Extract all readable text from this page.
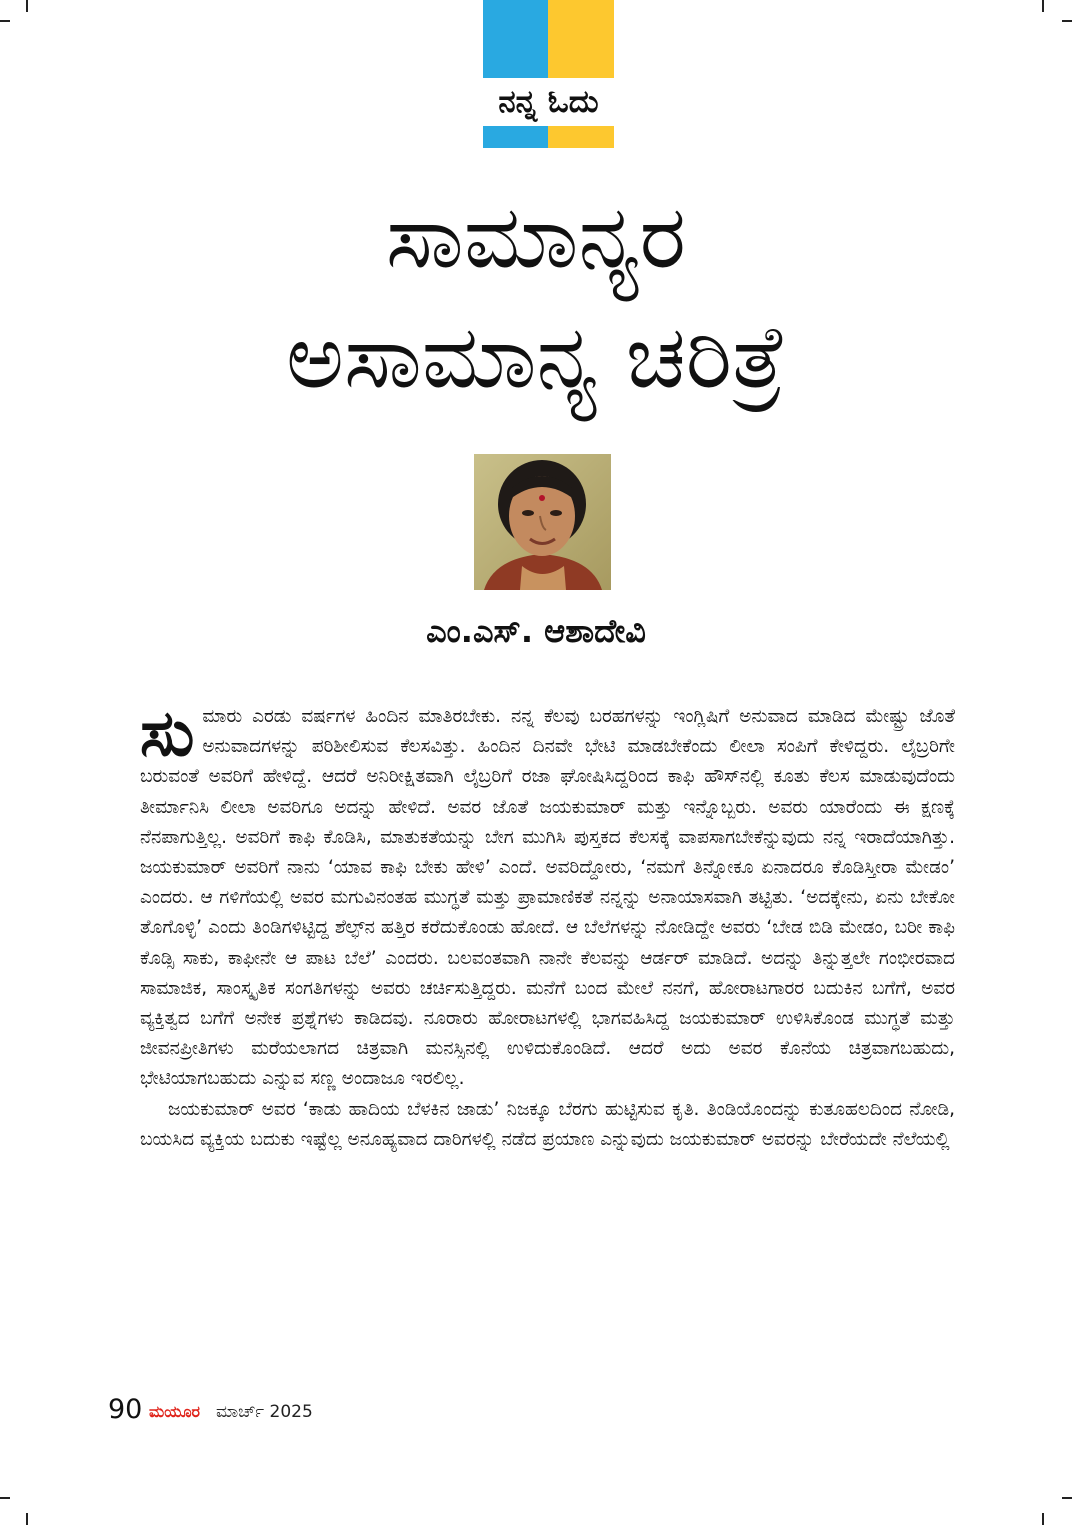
ನನ್ನ ಓದು
ಸಾಮಾನ್ಯರ
ಅಸಾಮಾನ್ಯ ಚರಿತ್ರೆ
ಎಂ.ಎಸ್. ಆಶಾದೇವಿ

ಸುಮಾರು ಎರಡು ವರ್ಷಗಳ ಹಿಂದಿನ ಮಾತಿರಬೇಕು. ನನ್ನ ಕೆಲವು ಬರಹಗಳನ್ನು ಇಂಗ್ಲಿಷಿಗೆ ಅನುವಾದ ಮಾಡಿದ ಮೇಷ್ಟ್ರು ಜೊತೆ ಅನುವಾದಗಳನ್ನು ಪರಿಶೀಲಿಸುವ ಕೆಲಸವಿತ್ತು. ಹಿಂದಿನ ದಿನವೇ ಭೇಟಿ ಮಾಡಬೇಕೆಂದು ಲೀಲಾ ಸಂಪಿಗೆ ಕೇಳಿದ್ದರು. ಲೈಬ್ರರಿಗೇ ಬರುವಂತೆ ಅವರಿಗೆ ಹೇಳಿದ್ದೆ. ಆದರೆ ಅನಿರೀಕ್ಷಿತವಾಗಿ ಲೈಬ್ರರಿಗೆ ರಜಾ ಘೋಷಿಸಿದ್ದರಿಂದ ಕಾಫಿ ಹೌಸ್‌ನಲ್ಲಿ ಕೂತು ಕೆಲಸ ಮಾಡುವುದೆಂದು ತೀರ್ಮಾನಿಸಿ ಲೀಲಾ ಅವರಿಗೂ ಅದನ್ನು ಹೇಳಿದೆ. ಅವರ ಜೊತೆ ಜಯಕುಮಾರ್ ಮತ್ತು ಇನ್ನೊಬ್ಬರು. ಅವರು ಯಾರೆಂದು ಈ ಕ್ಷಣಕ್ಕೆ ನೆನಪಾಗುತ್ತಿಲ್ಲ. ಅವರಿಗೆ ಕಾಫಿ ಕೊಡಿಸಿ, ಮಾತುಕತೆಯನ್ನು ಬೇಗ ಮುಗಿಸಿ ಪುಸ್ತಕದ ಕೆಲಸಕ್ಕೆ ವಾಪಸಾಗಬೇಕೆನ್ನುವುದು ನನ್ನ ಇರಾದೆಯಾಗಿತ್ತು. ಜಯಕುಮಾರ್ ಅವರಿಗೆ ನಾನು ‘ಯಾವ ಕಾಫಿ ಬೇಕು ಹೇಳಿ’ ಎಂದೆ. ಅವರಿದ್ದೋರು, ‘ನಮಗೆ ತಿನ್ನೋಕೂ ಏನಾದರೂ ಕೊಡಿಸ್ತೀರಾ ಮೇಡಂ’ ಎಂದರು. ಆ ಗಳಿಗೆಯಲ್ಲಿ ಅವರ ಮಗುವಿನಂತಹ ಮುಗ್ಧತೆ ಮತ್ತು ಪ್ರಾಮಾಣಿಕತೆ ನನ್ನನ್ನು ಅನಾಯಾಸವಾಗಿ ತಟ್ಟಿತು. ‘ಅದಕ್ಕೇನು, ಏನು ಬೇಕೋ ತೊಗೊಳ್ಳಿ’ ಎಂದು ತಿಂಡಿಗಳಿಟ್ಟಿದ್ದ ಶೆಲ್ಫ್‌ನ ಹತ್ತಿರ ಕರೆದುಕೊಂಡು ಹೋದೆ. ಆ ಬೆಲೆಗಳನ್ನು ನೋಡಿದ್ದೇ ಅವರು ‘ಬೇಡ ಬಿಡಿ ಮೇಡಂ, ಬರೀ ಕಾಫಿ ಕೊಡ್ಸಿ ಸಾಕು, ಕಾಫೀನೇ ಆ ಪಾಟ ಬೆಲೆ’ ಎಂದರು. ಬಲವಂತವಾಗಿ ನಾನೇ ಕೆಲವನ್ನು ಆರ್ಡರ್ ಮಾಡಿದೆ. ಅದನ್ನು ತಿನ್ನುತ್ತಲೇ ಗಂಭೀರವಾದ ಸಾಮಾಜಿಕ, ಸಾಂಸ್ಕೃತಿಕ ಸಂಗತಿಗಳನ್ನು ಅವರು ಚರ್ಚಿಸುತ್ತಿದ್ದರು. ಮನೆಗೆ ಬಂದ ಮೇಲೆ ನನಗೆ, ಹೋರಾಟಗಾರರ ಬದುಕಿನ ಬಗೆಗೆ, ಅವರ ವ್ಯಕ್ತಿತ್ವದ ಬಗೆಗೆ ಅನೇಕ ಪ್ರಶ್ನೆಗಳು ಕಾಡಿದವು. ನೂರಾರು ಹೋರಾಟಗಳಲ್ಲಿ ಭಾಗವಹಿಸಿದ್ದ ಜಯಕುಮಾರ್ ಉಳಿಸಿಕೊಂಡ ಮುಗ್ಧತೆ ಮತ್ತು ಜೀವನಪ್ರೀತಿಗಳು ಮರೆಯಲಾಗದ ಚಿತ್ರವಾಗಿ ಮನಸ್ಸಿನಲ್ಲಿ ಉಳಿದುಕೊಂಡಿದೆ. ಆದರೆ ಅದು ಅವರ ಕೊನೆಯ ಚಿತ್ರವಾಗಬಹುದು, ಭೇಟಿಯಾಗಬಹುದು ಎನ್ನುವ ಸಣ್ಣ ಅಂದಾಜೂ ಇರಲಿಲ್ಲ.

ಜಯಕುಮಾರ್ ಅವರ ‘ಕಾಡು ಹಾದಿಯ ಬೆಳಕಿನ ಜಾಡು’ ನಿಜಕ್ಕೂ ಬೆರಗು ಹುಟ್ಟಿಸುವ ಕೃತಿ. ತಿಂಡಿಯೊಂದನ್ನು ಕುತೂಹಲದಿಂದ ನೋಡಿ, ಬಯಸಿದ ವ್ಯಕ್ತಿಯ ಬದುಕು ಇಷ್ಟೆಲ್ಲ ಅನೂಹ್ಯವಾದ ದಾರಿಗಳಲ್ಲಿ ನಡೆದ ಪ್ರಯಾಣ ಎನ್ನುವುದು ಜಯಕುಮಾರ್ ಅವರನ್ನು ಬೇರೆಯದೇ ನೆಲೆಯಲ್ಲಿ

90 ಮಯೂರ ಮಾರ್ಚ್ 2025
